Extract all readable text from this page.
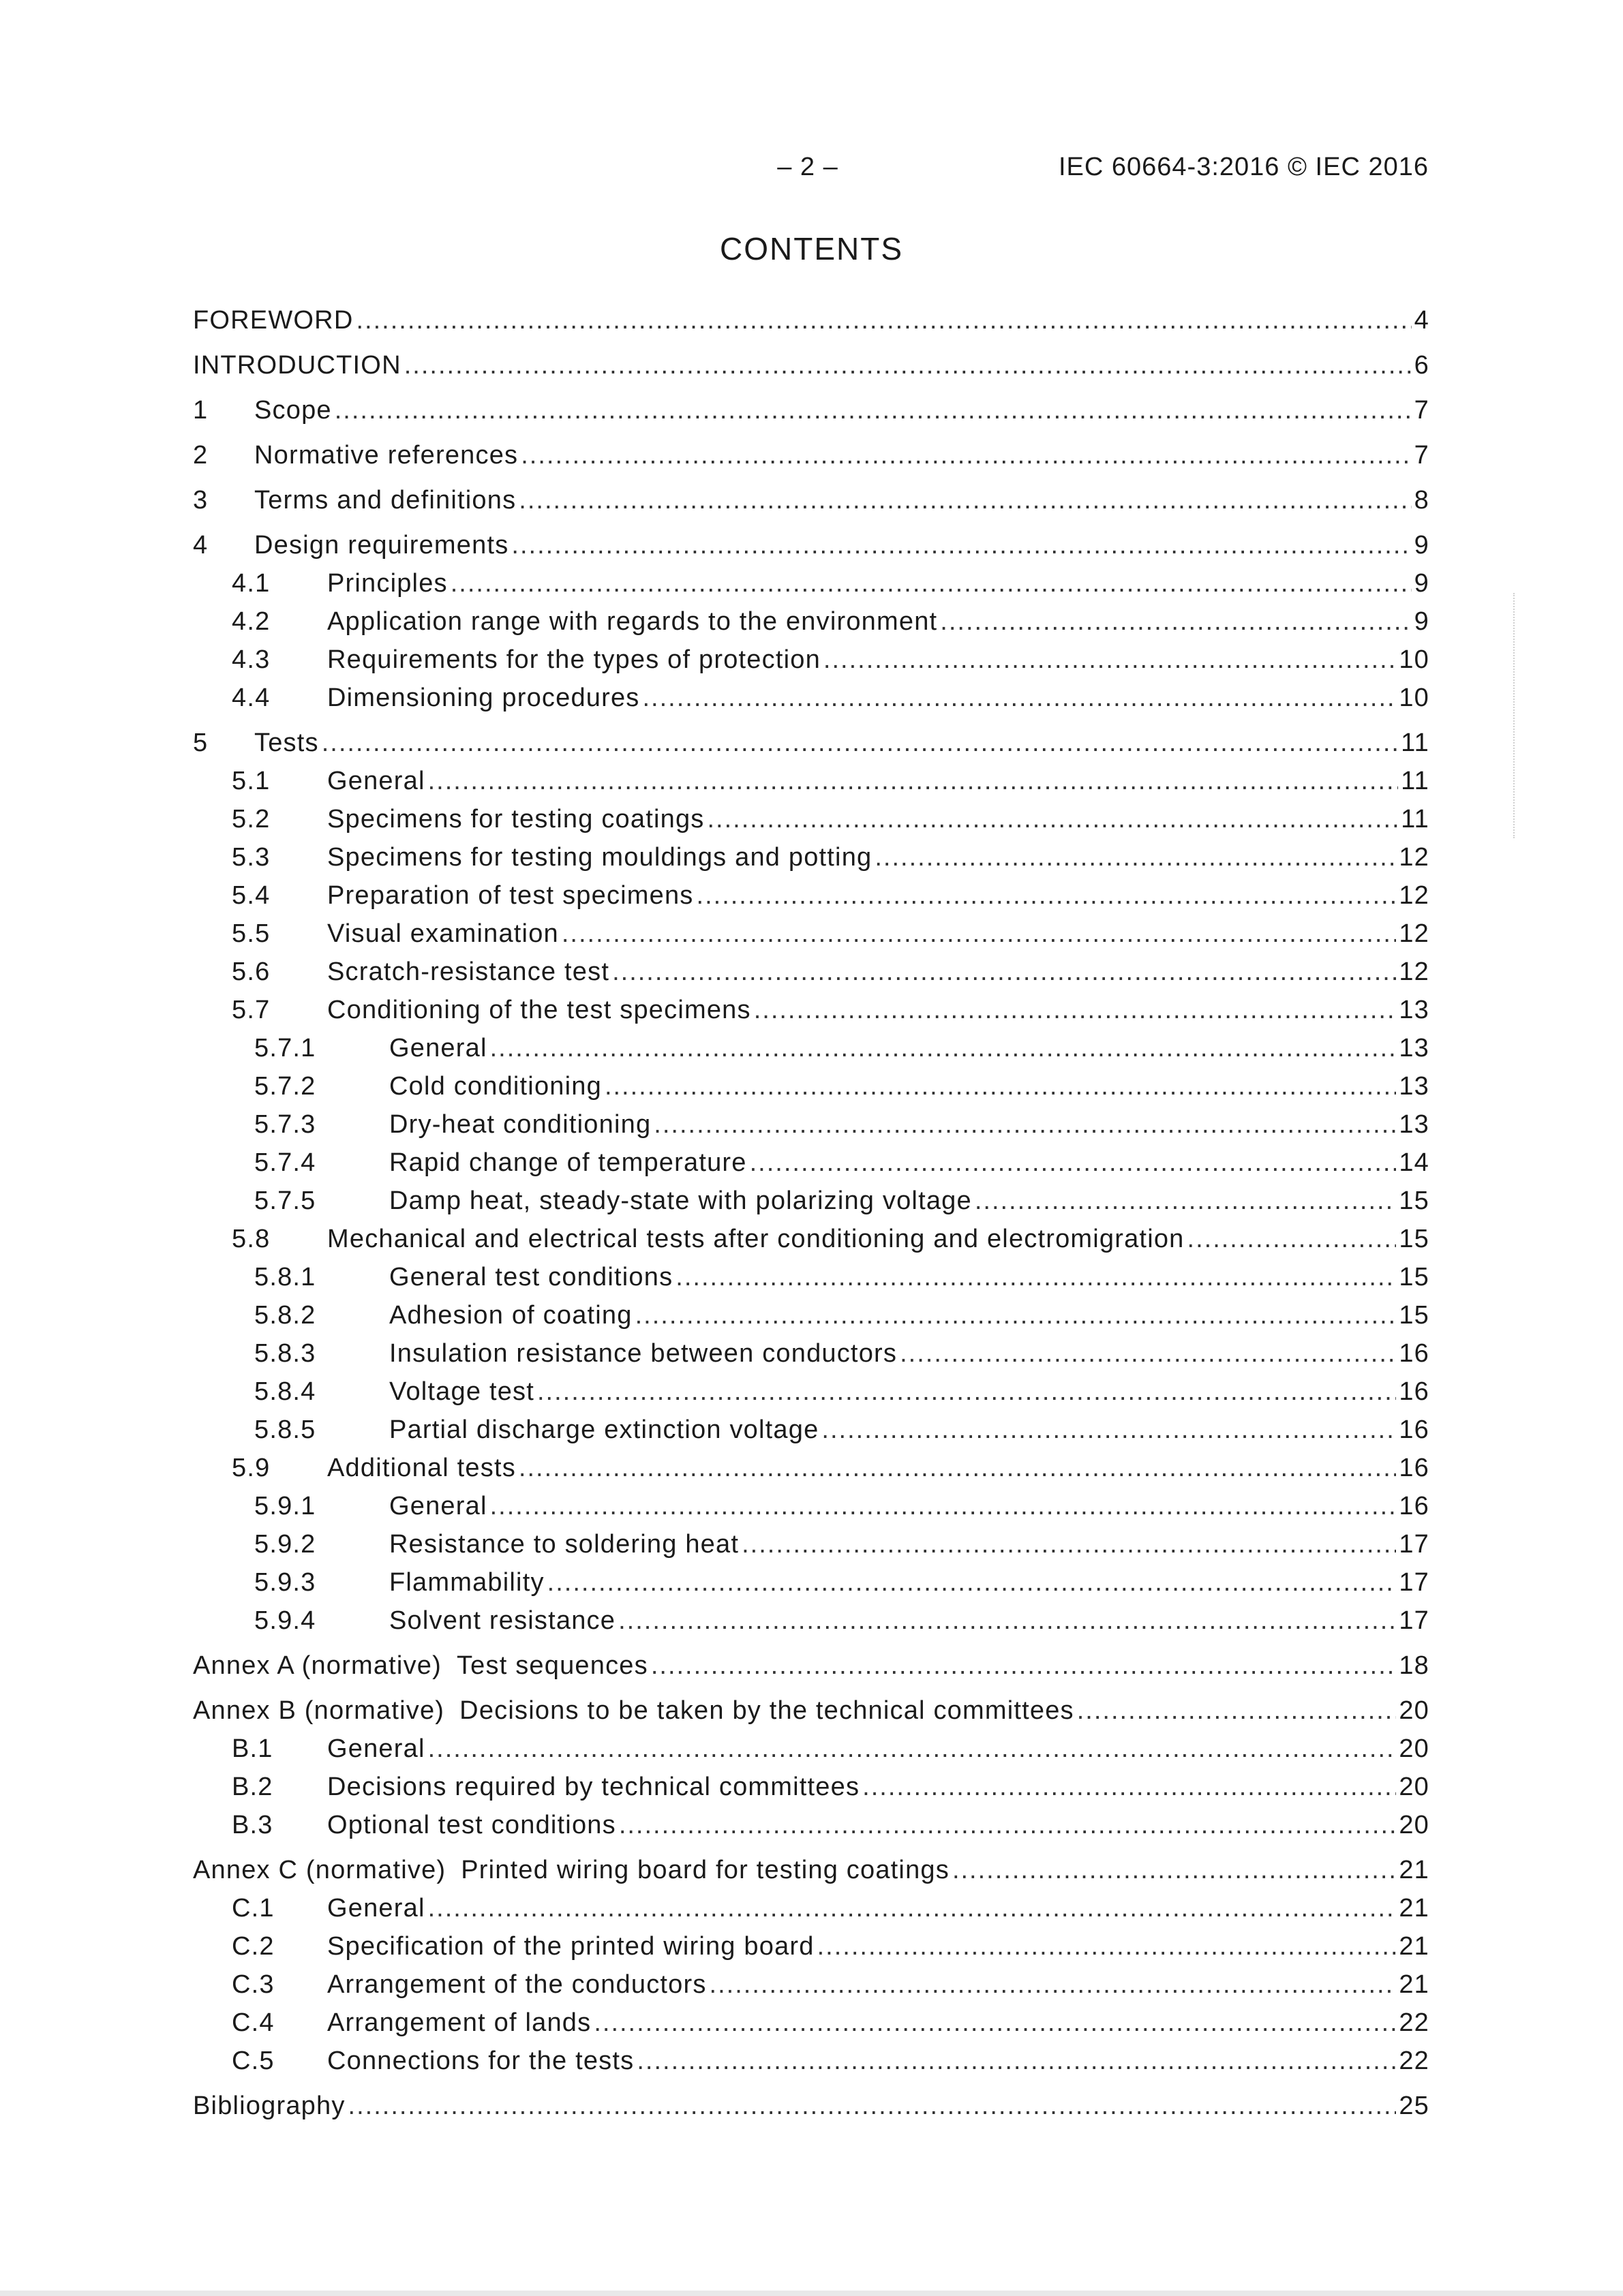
– 2 –	IEC 60664-3:2016 © IEC 2016
CONTENTS
FOREWORD .....	4
INTRODUCTION .....	6
1	Scope .....	7
2	Normative references .....	7
3	Terms and definitions .....	8
4	Design requirements .....	9
4.1	Principles .....	9
4.2	Application range with regards to the environment .....	9
4.3	Requirements for the types of protection .....	10
4.4	Dimensioning procedures .....	10
5	Tests .....	11
5.1	General .....	11
5.2	Specimens for testing coatings .....	11
5.3	Specimens for testing mouldings and potting .....	12
5.4	Preparation of test specimens .....	12
5.5	Visual examination .....	12
5.6	Scratch-resistance test .....	12
5.7	Conditioning of the test specimens .....	13
5.7.1	General .....	13
5.7.2	Cold conditioning .....	13
5.7.3	Dry-heat conditioning .....	13
5.7.4	Rapid change of temperature .....	14
5.7.5	Damp heat, steady-state with polarizing voltage .....	15
5.8	Mechanical and electrical tests after conditioning and electromigration .....	15
5.8.1	General test conditions .....	15
5.8.2	Adhesion of coating .....	15
5.8.3	Insulation resistance between conductors .....	16
5.8.4	Voltage test .....	16
5.8.5	Partial discharge extinction voltage .....	16
5.9	Additional tests .....	16
5.9.1	General .....	16
5.9.2	Resistance to soldering heat .....	17
5.9.3	Flammability .....	17
5.9.4	Solvent resistance .....	17
Annex A (normative) Test sequences .....	18
Annex B (normative) Decisions to be taken by the technical committees .....	20
B.1	General .....	20
B.2	Decisions required by technical committees .....	20
B.3	Optional test conditions .....	20
Annex C (normative) Printed wiring board for testing coatings .....	21
C.1	General .....	21
C.2	Specification of the printed wiring board .....	21
C.3	Arrangement of the conductors .....	21
C.4	Arrangement of lands .....	22
C.5	Connections for the tests .....	22
Bibliography .....	25
